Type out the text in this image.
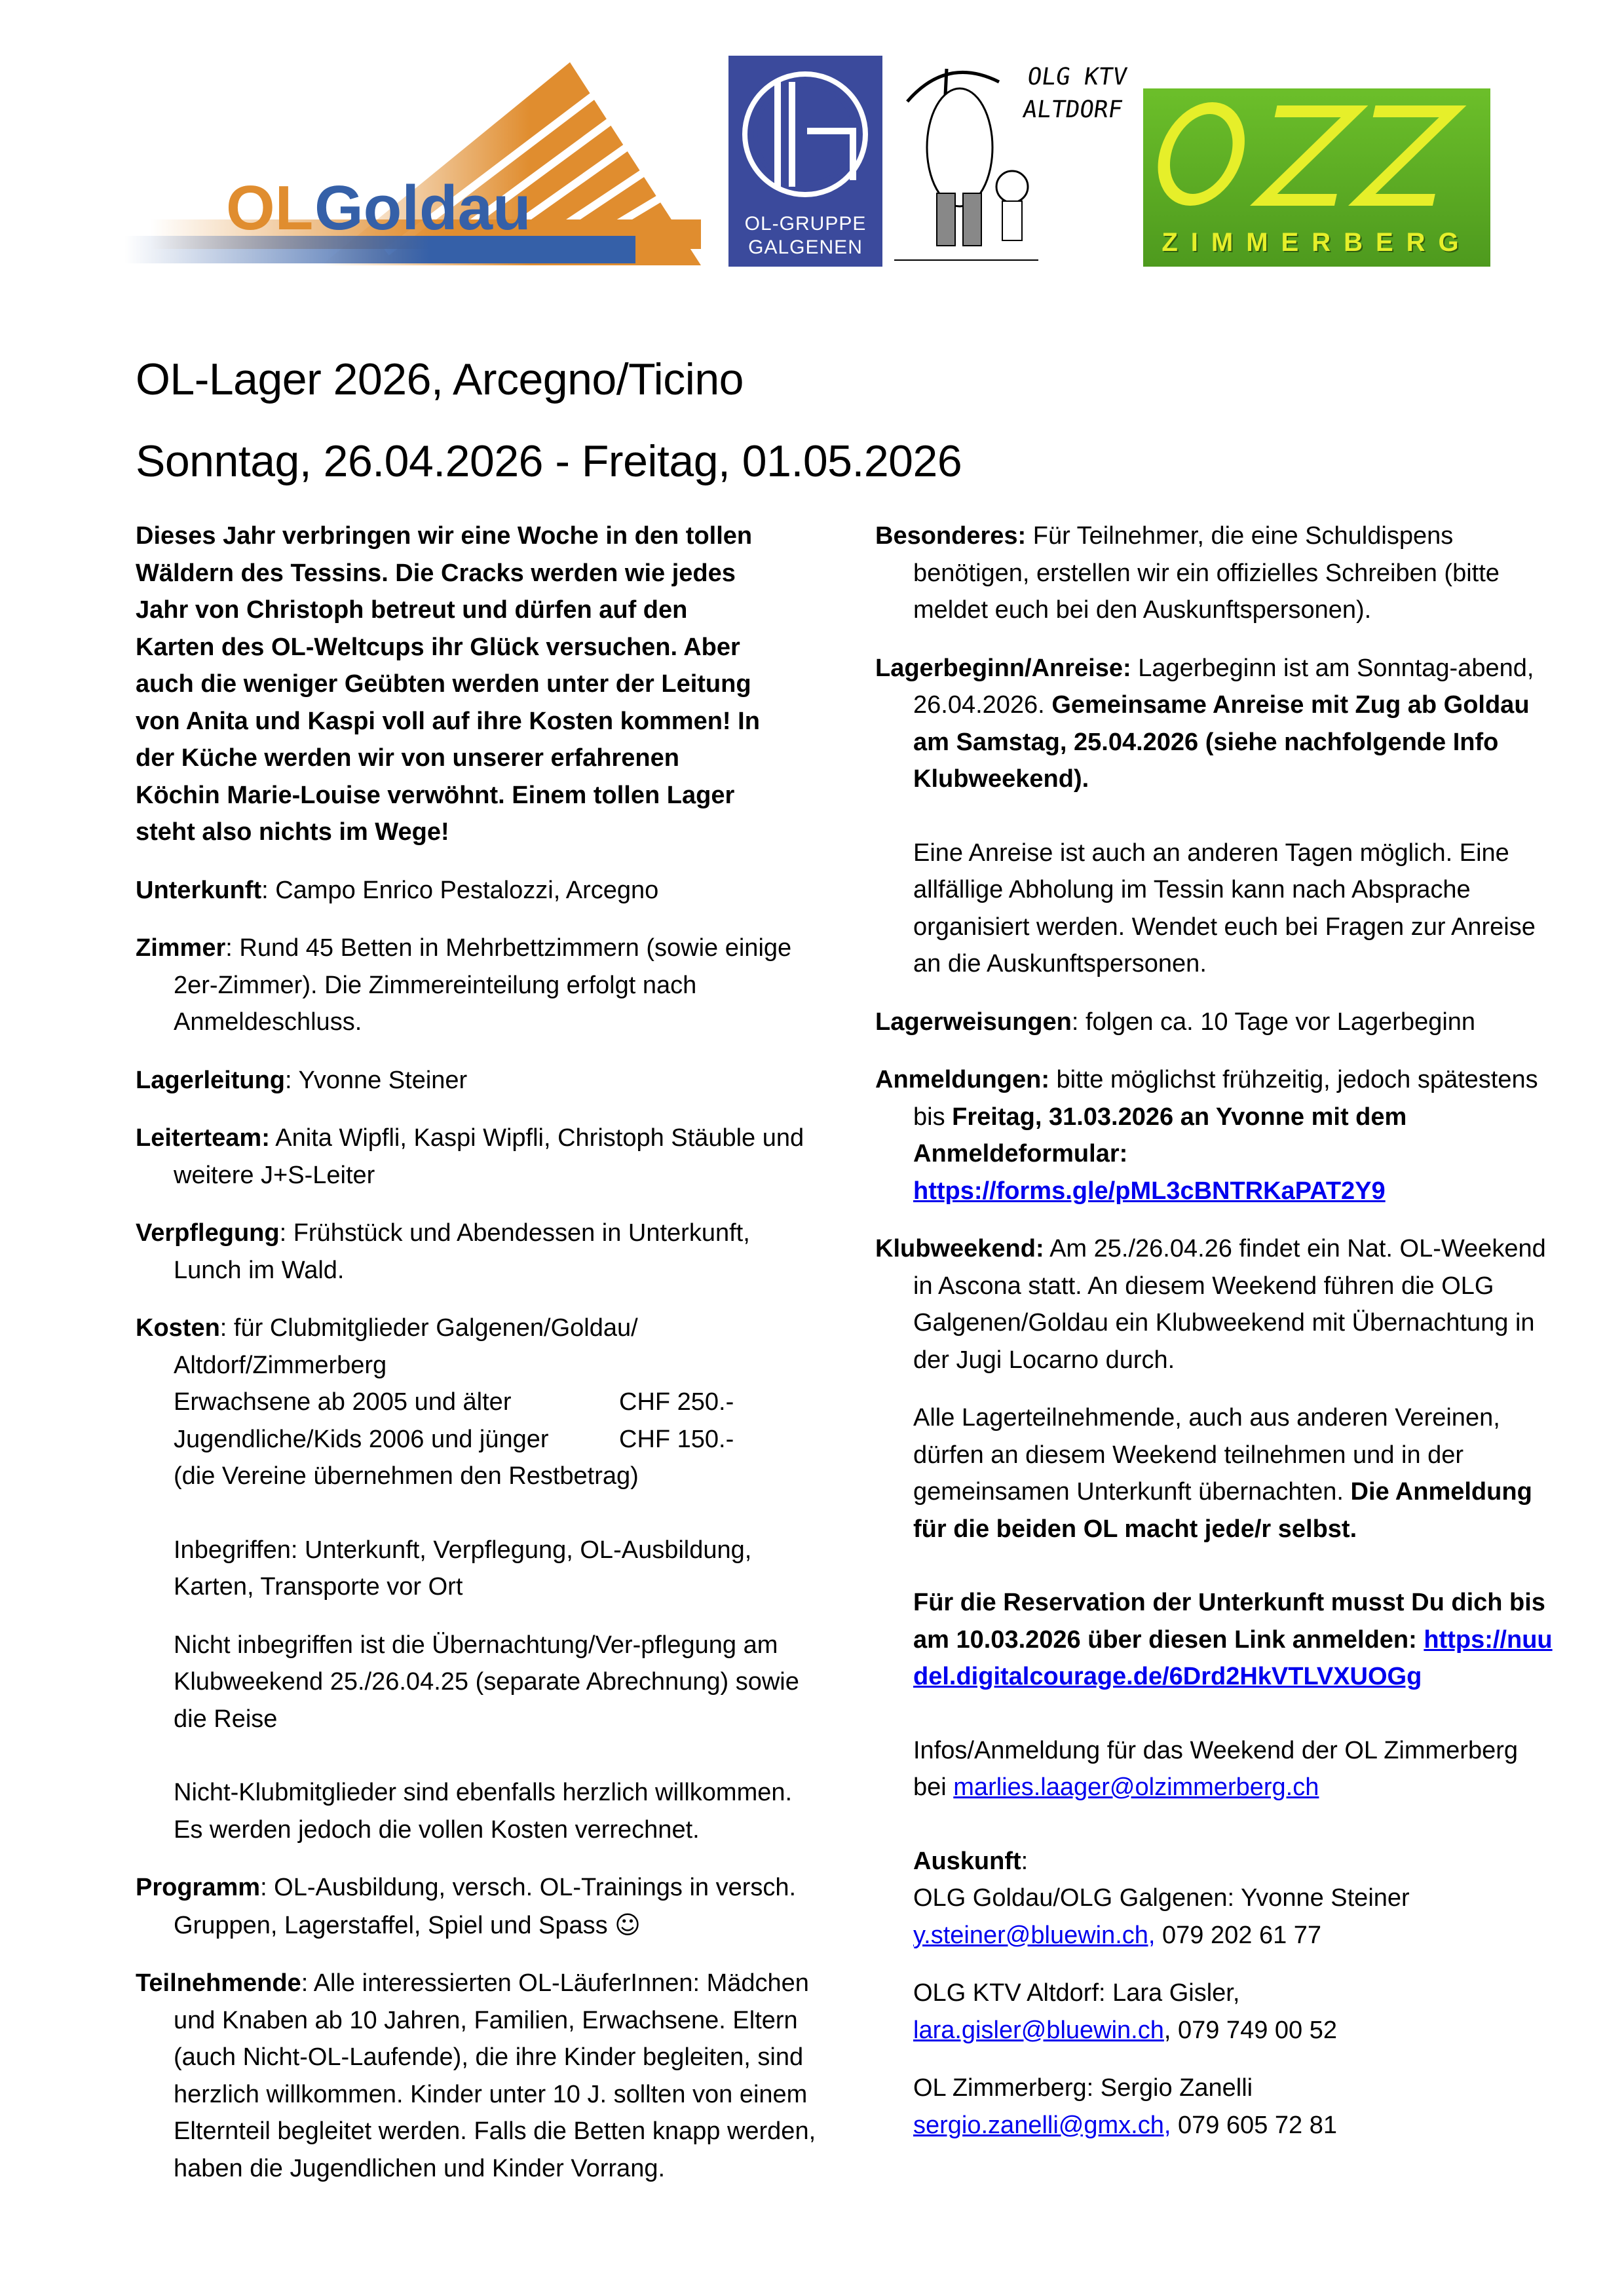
OL Goldau	OL-GRUPPE
GALGENEN
OLG KTV
ALTDORF
ZIMMERBERG
OL-Lager 2026, Arcegno/Ticino
Sonntag, 26.04.2026 - Freitag, 01.05.2026

Dieses Jahr verbringen wir eine Woche in den tollen
Wäldern des Tessins. Die Cracks werden wie jedes
Jahr von Christoph betreut und dürfen auf den
Karten des OL-Weltcups ihr Glück versuchen. Aber
auch die weniger Geübten werden unter der Leitung
von Anita und Kaspi voll auf ihre Kosten kommen! In
der Küche werden wir von unserer erfahrenen
Köchin Marie-Louise verwöhnt. Einem tollen Lager
steht also nichts im Wege!

Unterkunft: Campo Enrico Pestalozzi, Arcegno

Zimmer: Rund 45 Betten in Mehrbettzimmern (sowie einige 2er-Zimmer). Die Zimmereinteilung erfolgt nach Anmeldeschluss.

Lagerleitung: Yvonne Steiner

Leiterteam: Anita Wipfli, Kaspi Wipfli, Christoph Stäuble und weitere J+S-Leiter

Verpflegung: Frühstück und Abendessen in Unterkunft, Lunch im Wald.

Kosten: für Clubmitglieder Galgenen/Goldau/ Altdorf/Zimmerberg

Erwachsene ab 2005 und älter	CHF 250.-
Jugendliche/Kids 2006 und jünger	CHF 150.-
(die Vereine übernehmen den Restbetrag)

Inbegriffen: Unterkunft, Verpflegung, OL-Ausbildung, Karten, Transporte vor Ort

Nicht inbegriffen ist die Übernachtung/Ver-pflegung am Klubweekend 25./26.04.25 (separate Abrechnung) sowie die Reise

Nicht-Klubmitglieder sind ebenfalls herzlich willkommen. Es werden jedoch die vollen Kosten verrechnet.

Programm: OL-Ausbildung, versch. OL-Trainings in versch. Gruppen, Lagerstaffel, Spiel und Spass ☺

Teilnehmende: Alle interessierten OL-LäuferInnen: Mädchen und Knaben ab 10 Jahren, Familien, Erwachsene. Eltern (auch Nicht-OL-Laufende), die ihre Kinder begleiten, sind herzlich willkommen. Kinder unter 10 J. sollten von einem Elternteil begleitet werden. Falls die Betten knapp werden, haben die Jugendlichen und Kinder Vorrang.

Besonderes: Für Teilnehmer, die eine Schuldispens benötigen, erstellen wir ein offizielles Schreiben (bitte meldet euch bei den Auskunftspersonen).

Lagerbeginn/Anreise: Lagerbeginn ist am Sonntag-abend, 26.04.2026. Gemeinsame Anreise mit Zug ab Goldau am Samstag, 25.04.2026 (siehe nachfolgende Info Klubweekend).

Eine Anreise ist auch an anderen Tagen möglich. Eine allfällige Abholung im Tessin kann nach Absprache organisiert werden. Wendet euch bei Fragen zur Anreise an die Auskunftspersonen.

Lagerweisungen: folgen ca. 10 Tage vor Lagerbeginn

Anmeldungen: bitte möglichst frühzeitig, jedoch spätestens bis Freitag, 31.03.2026 an Yvonne mit dem Anmeldeformular:
https://forms.gle/pML3cBNTRKaPAT2Y9

Klubweekend: Am 25./26.04.26 findet ein Nat. OL-Weekend in Ascona statt. An diesem Weekend führen die OLG Galgenen/Goldau ein Klubweekend mit Übernachtung in der Jugi Locarno durch.

Alle Lagerteilnehmende, auch aus anderen Vereinen, dürfen an diesem Weekend teilnehmen und in der gemeinsamen Unterkunft übernachten. Die Anmeldung für die beiden OL macht jede/r selbst.

Für die Reservation der Unterkunft musst Du dich bis am 10.03.2026 über diesen Link anmelden: https://nuudel.digitalcourage.de/6Drd2HkVTLVXUOGg

Infos/Anmeldung für das Weekend der OL Zimmerberg bei marlies.laager@olzimmerberg.ch

Auskunft:
OLG Goldau/OLG Galgenen: Yvonne Steiner
y.steiner@bluewin.ch, 079 202 61 77
OLG KTV Altdorf: Lara Gisler,
lara.gisler@bluewin.ch, 079 749 00 52
OL Zimmerberg: Sergio Zanelli
sergio.zanelli@gmx.ch, 079 605 72 81
